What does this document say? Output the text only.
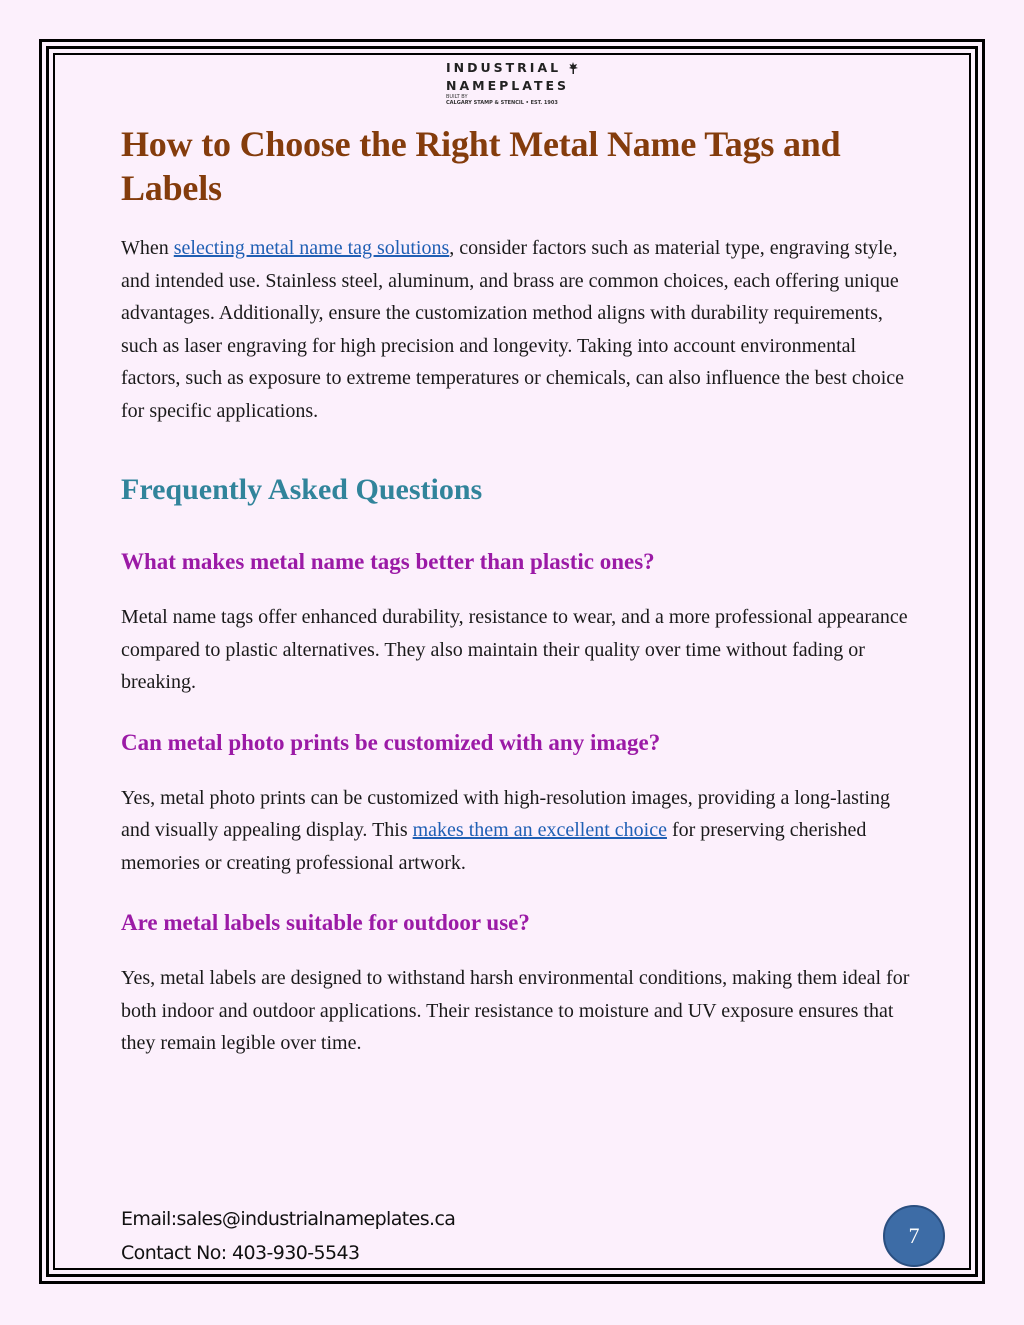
INDUSTRIAL
NAMEPLATES
BUILT BY
CALGARY STAMP & STENCIL • EST. 1903
How to Choose the Right Metal Name Tags and Labels

When selecting metal name tag solutions, consider factors such as material type, engraving style, and intended use. Stainless steel, aluminum, and brass are common choices, each offering unique advantages. Additionally, ensure the customization method aligns with durability requirements, such as laser engraving for high precision and longevity. Taking into account environmental factors, such as exposure to extreme temperatures or chemicals, can also influence the best choice for specific applications.

Frequently Asked Questions
What makes metal name tags better than plastic ones?

Metal name tags offer enhanced durability, resistance to wear, and a more professional appearance compared to plastic alternatives. They also maintain their quality over time without fading or breaking.

Can metal photo prints be customized with any image?

Yes, metal photo prints can be customized with high-resolution images, providing a long-lasting and visually appealing display. This makes them an excellent choice for preserving cherished memories or creating professional artwork.

Are metal labels suitable for outdoor use?

Yes, metal labels are designed to withstand harsh environmental conditions, making them ideal for both indoor and outdoor applications. Their resistance to moisture and UV exposure ensures that they remain legible over time.

Email:sales@industrialnameplates.ca
Contact No: 403-930-5543
7
